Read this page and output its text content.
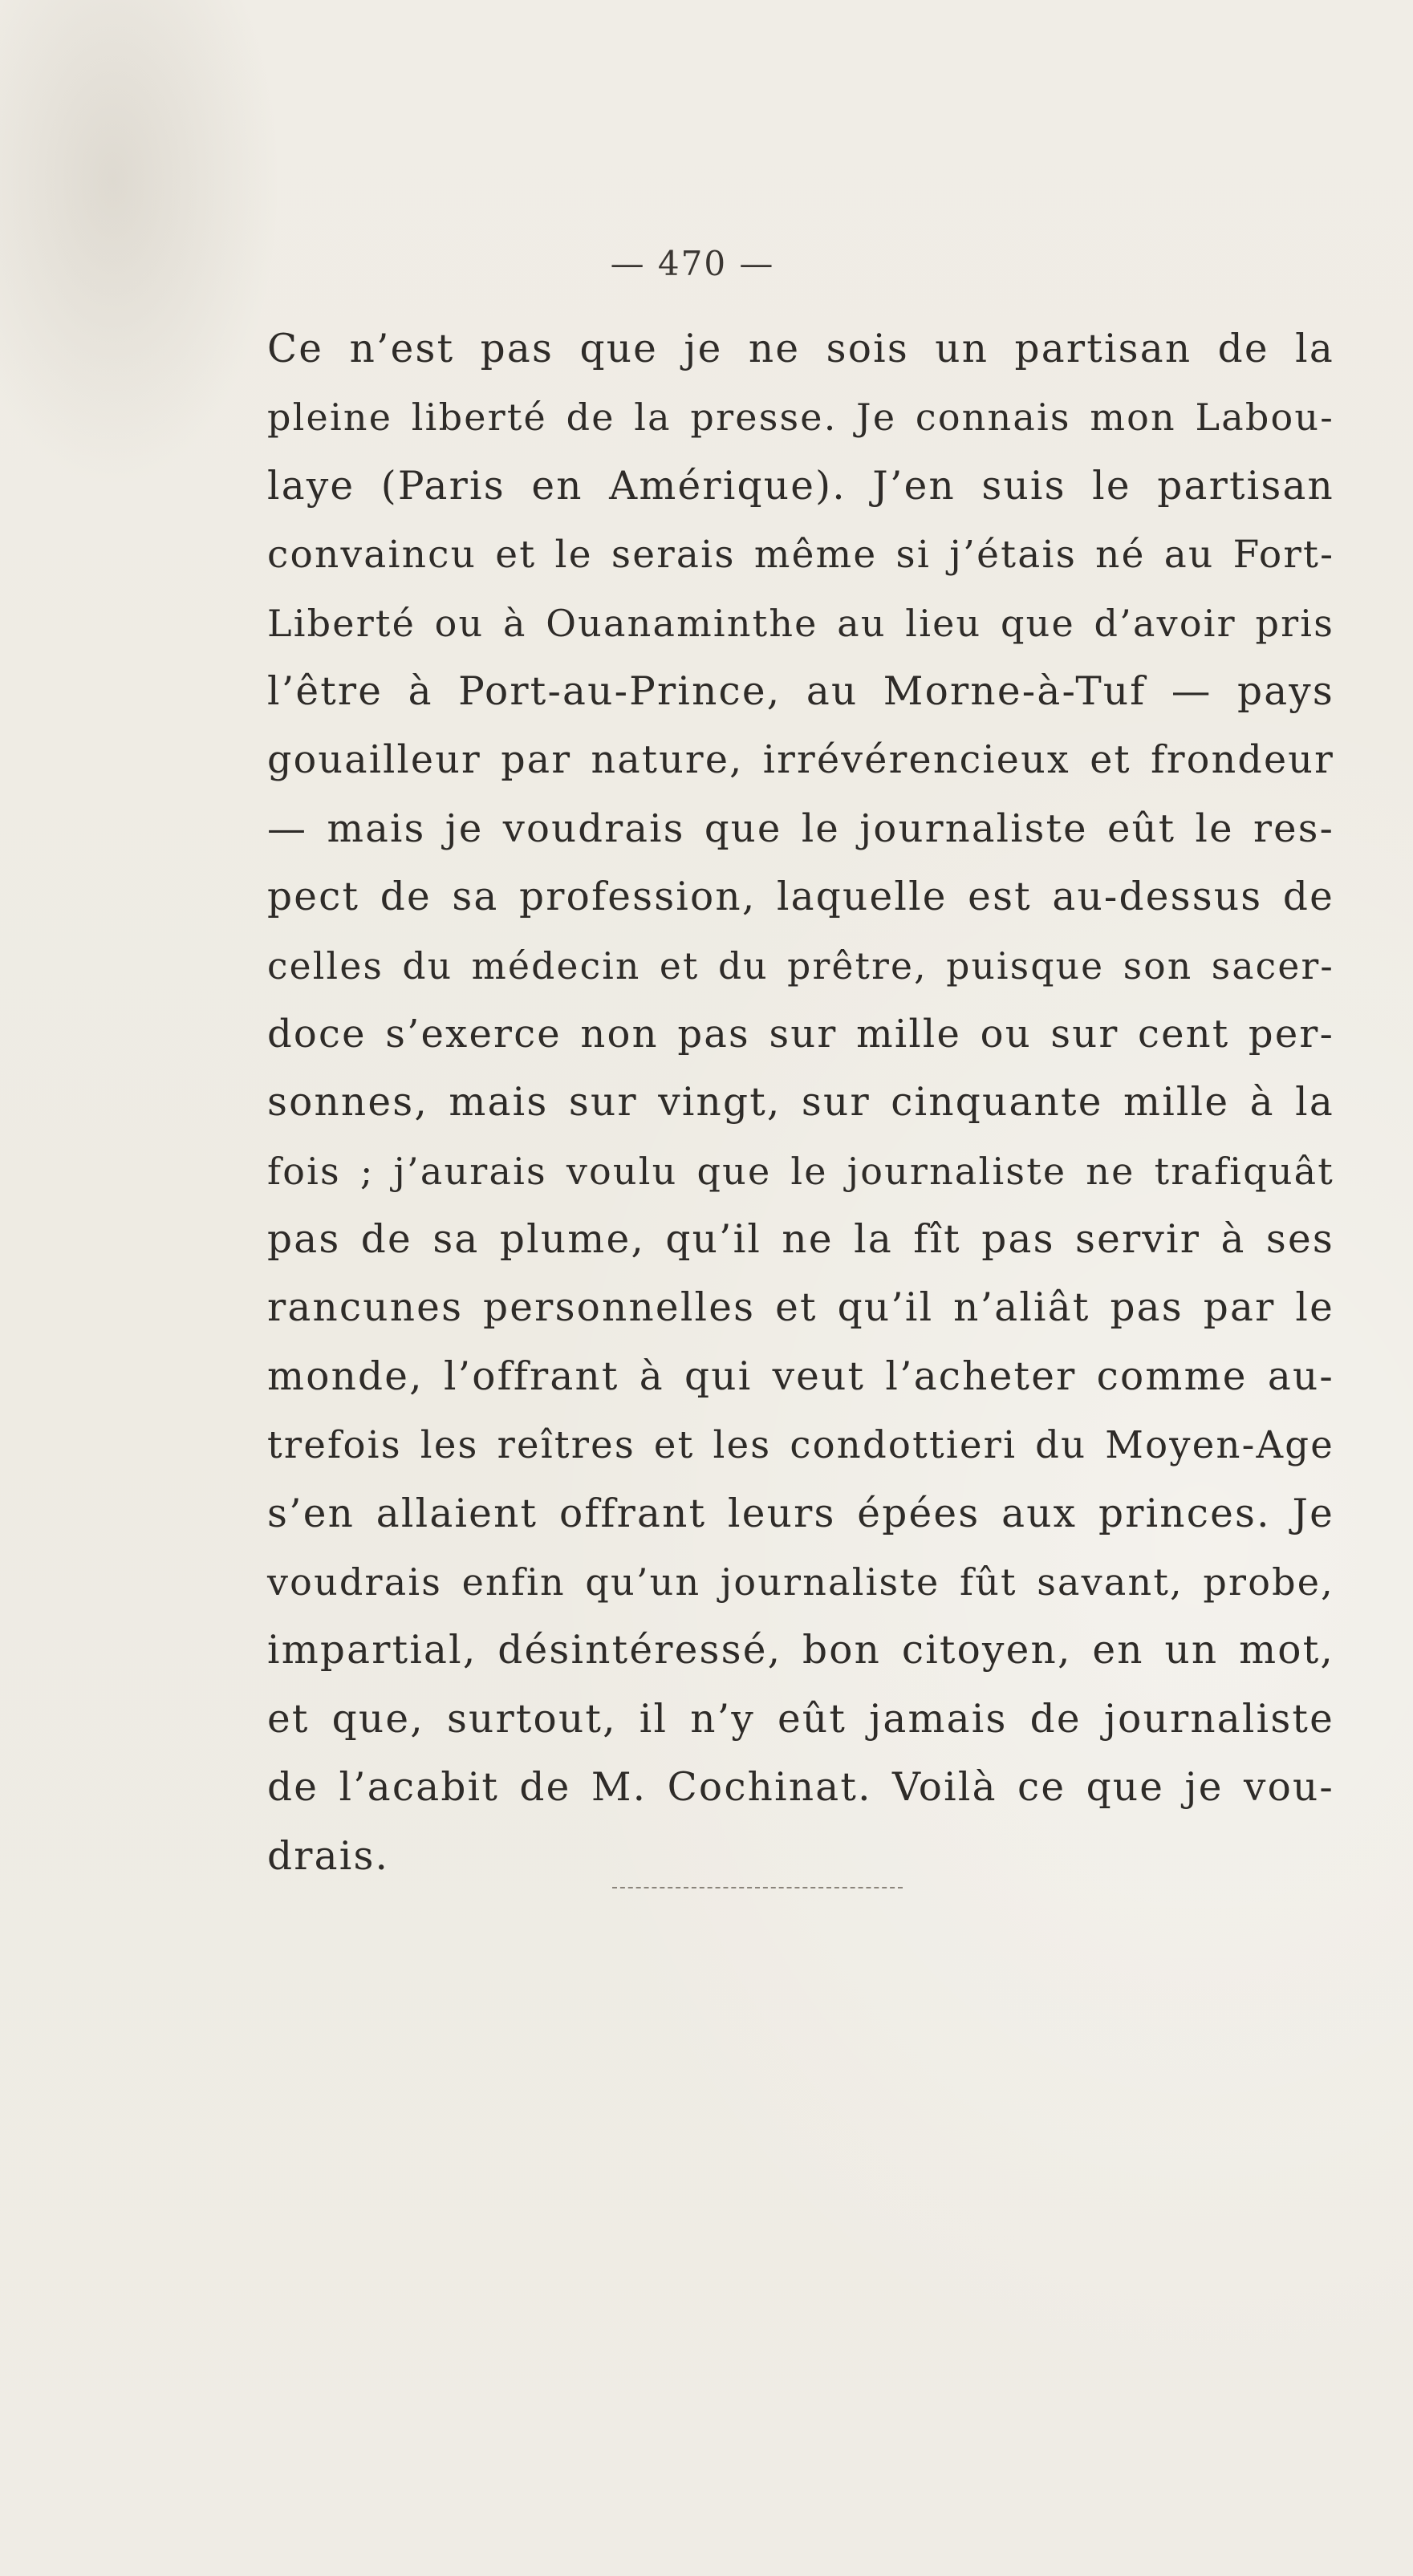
— 470 —
Ce n’est pas que je ne sois un partisan de la
pleine liberté de la presse. Je connais mon Labou-
laye (Paris en Amérique). J’en suis le partisan
convaincu et le serais même si j’étais né au Fort-
Liberté ou à Ouanaminthe au lieu que d’avoir pris
l’être à Port-au-Prince, au Morne-à-Tuf — pays
gouailleur par nature, irrévérencieux et frondeur
— mais je voudrais que le journaliste eût le res-
pect de sa profession, laquelle est au-dessus de
celles du médecin et du prêtre, puisque son sacer-
doce s’exerce non pas sur mille ou sur cent per-
sonnes, mais sur vingt, sur cinquante mille à la
fois ; j’aurais voulu que le journaliste ne trafiquât
pas de sa plume, qu’il ne la fît pas servir à ses
rancunes personnelles et qu’il n’aliât pas par le
monde, l’offrant à qui veut l’acheter comme au-
trefois les reîtres et les condottieri du Moyen-Age
s’en allaient offrant leurs épées aux princes. Je
voudrais enfin qu’un journaliste fût savant, probe,
impartial, désintéressé, bon citoyen, en un mot,
et que, surtout, il n’y eût jamais de journaliste
de l’acabit de M. Cochinat. Voilà ce que je vou-
drais.
